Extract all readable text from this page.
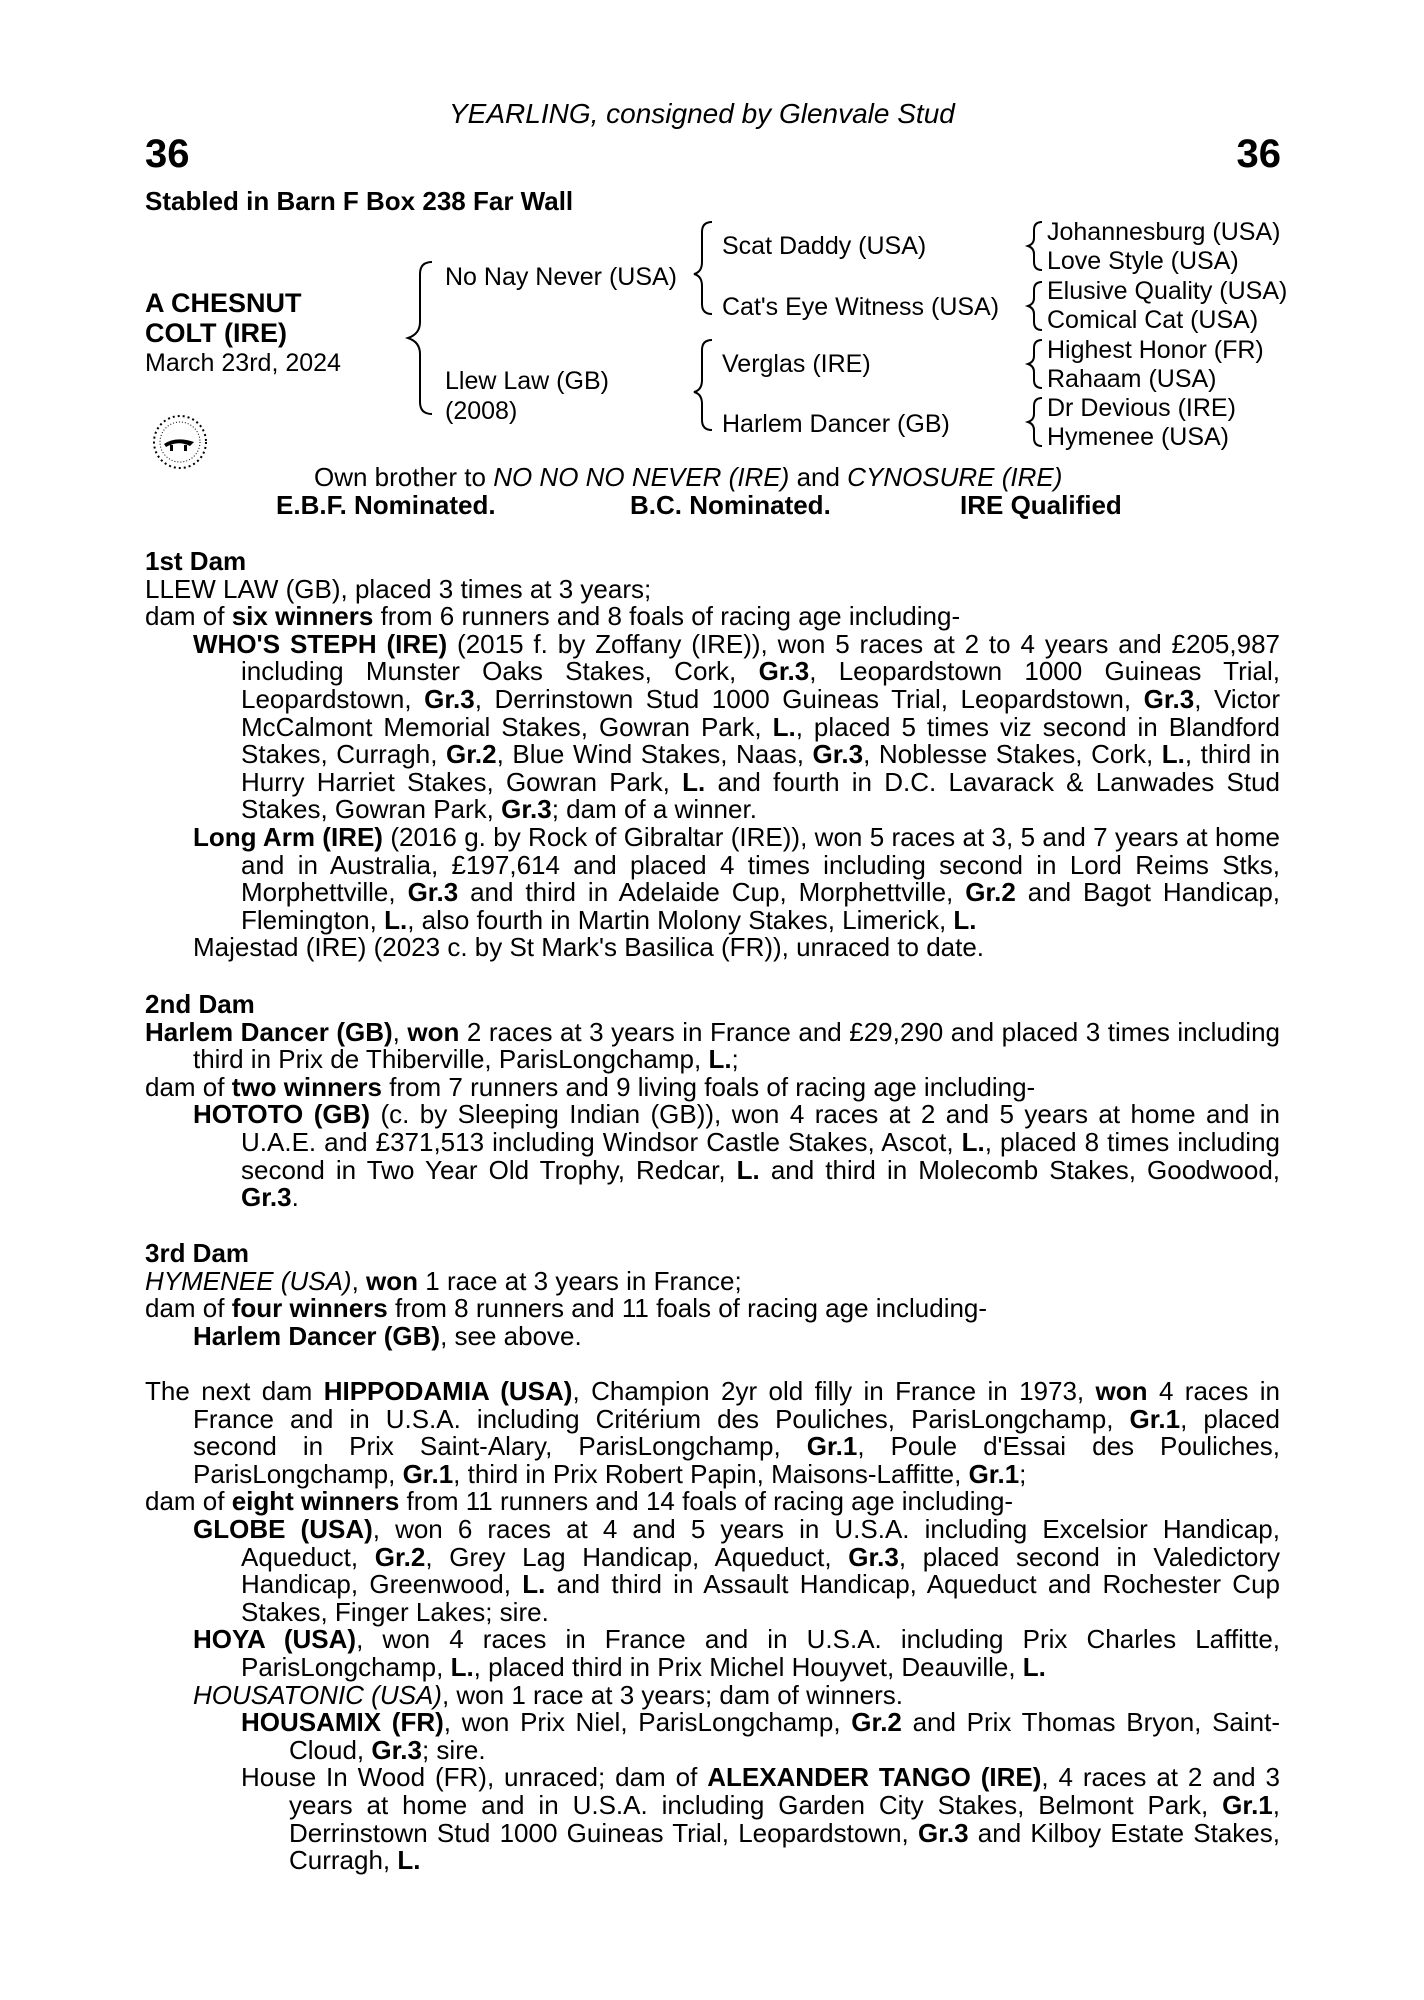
YEARLING, consigned by Glenvale Stud
36	36
Stabled in Barn F Box 238 Far Wall
A CHESNUT
COLT (IRE)
March 23rd, 2024
No Nay Never (USA)
Llew Law (GB)
(2008)
Scat Daddy (USA)
Cat's Eye Witness (USA)
Verglas (IRE)
Harlem Dancer (GB)
Johannesburg (USA)
Love Style (USA)
Elusive Quality (USA)
Comical Cat (USA)
Highest Honor (FR)
Rahaam (USA)
Dr Devious (IRE)
Hymenee (USA)
Own brother to NO NO NO NEVER (IRE) and CYNOSURE (IRE)
E.B.F. Nominated.	B.C. Nominated.	IRE Qualified
1st Dam
LLEW LAW (GB), placed 3 times at 3 years;
dam of six winners from 6 runners and 8 foals of racing age including-
WHO'S STEPH (IRE) (2015 f. by Zoffany (IRE)), won 5 races at 2 to 4 years and £205,987 including Munster Oaks Stakes, Cork, Gr.3, Leopardstown 1000 Guineas Trial, Leopardstown, Gr.3, Derrinstown Stud 1000 Guineas Trial, Leopardstown, Gr.3, Victor McCalmont Memorial Stakes, Gowran Park, L., placed 5 times viz second in Blandford Stakes, Curragh, Gr.2, Blue Wind Stakes, Naas, Gr.3, Noblesse Stakes, Cork, L., third in Hurry Harriet Stakes, Gowran Park, L. and fourth in D.C. Lavarack & Lanwades Stud Stakes, Gowran Park, Gr.3; dam of a winner.
Long Arm (IRE) (2016 g. by Rock of Gibraltar (IRE)), won 5 races at 3, 5 and 7 years at home and in Australia, £197,614 and placed 4 times including second in Lord Reims Stks, Morphettville, Gr.3 and third in Adelaide Cup, Morphettville, Gr.2 and Bagot Handicap, Flemington, L., also fourth in Martin Molony Stakes, Limerick, L.
Majestad (IRE) (2023 c. by St Mark's Basilica (FR)), unraced to date.
2nd Dam
Harlem Dancer (GB), won 2 races at 3 years in France and £29,290 and placed 3 times including third in Prix de Thiberville, ParisLongchamp, L.;
dam of two winners from 7 runners and 9 living foals of racing age including-
HOTOTO (GB) (c. by Sleeping Indian (GB)), won 4 races at 2 and 5 years at home and in U.A.E. and £371,513 including Windsor Castle Stakes, Ascot, L., placed 8 times including second in Two Year Old Trophy, Redcar, L. and third in Molecomb Stakes, Goodwood, Gr.3.
3rd Dam
HYMENEE (USA), won 1 race at 3 years in France;
dam of four winners from 8 runners and 11 foals of racing age including-
Harlem Dancer (GB), see above.
The next dam HIPPODAMIA (USA), Champion 2yr old filly in France in 1973, won 4 races in France and in U.S.A. including Critérium des Pouliches, ParisLongchamp, Gr.1, placed second in Prix Saint-Alary, ParisLongchamp, Gr.1, Poule d'Essai des Pouliches, ParisLongchamp, Gr.1, third in Prix Robert Papin, Maisons-Laffitte, Gr.1;
dam of eight winners from 11 runners and 14 foals of racing age including-
GLOBE (USA), won 6 races at 4 and 5 years in U.S.A. including Excelsior Handicap, Aqueduct, Gr.2, Grey Lag Handicap, Aqueduct, Gr.3, placed second in Valedictory Handicap, Greenwood, L. and third in Assault Handicap, Aqueduct and Rochester Cup Stakes, Finger Lakes; sire.
HOYA (USA), won 4 races in France and in U.S.A. including Prix Charles Laffitte, ParisLongchamp, L., placed third in Prix Michel Houyvet, Deauville, L.
HOUSATONIC (USA), won 1 race at 3 years; dam of winners.
HOUSAMIX (FR), won Prix Niel, ParisLongchamp, Gr.2 and Prix Thomas Bryon, Saint-Cloud, Gr.3; sire.
House In Wood (FR), unraced; dam of ALEXANDER TANGO (IRE), 4 races at 2 and 3 years at home and in U.S.A. including Garden City Stakes, Belmont Park, Gr.1, Derrinstown Stud 1000 Guineas Trial, Leopardstown, Gr.3 and Kilboy Estate Stakes, Curragh, L.
